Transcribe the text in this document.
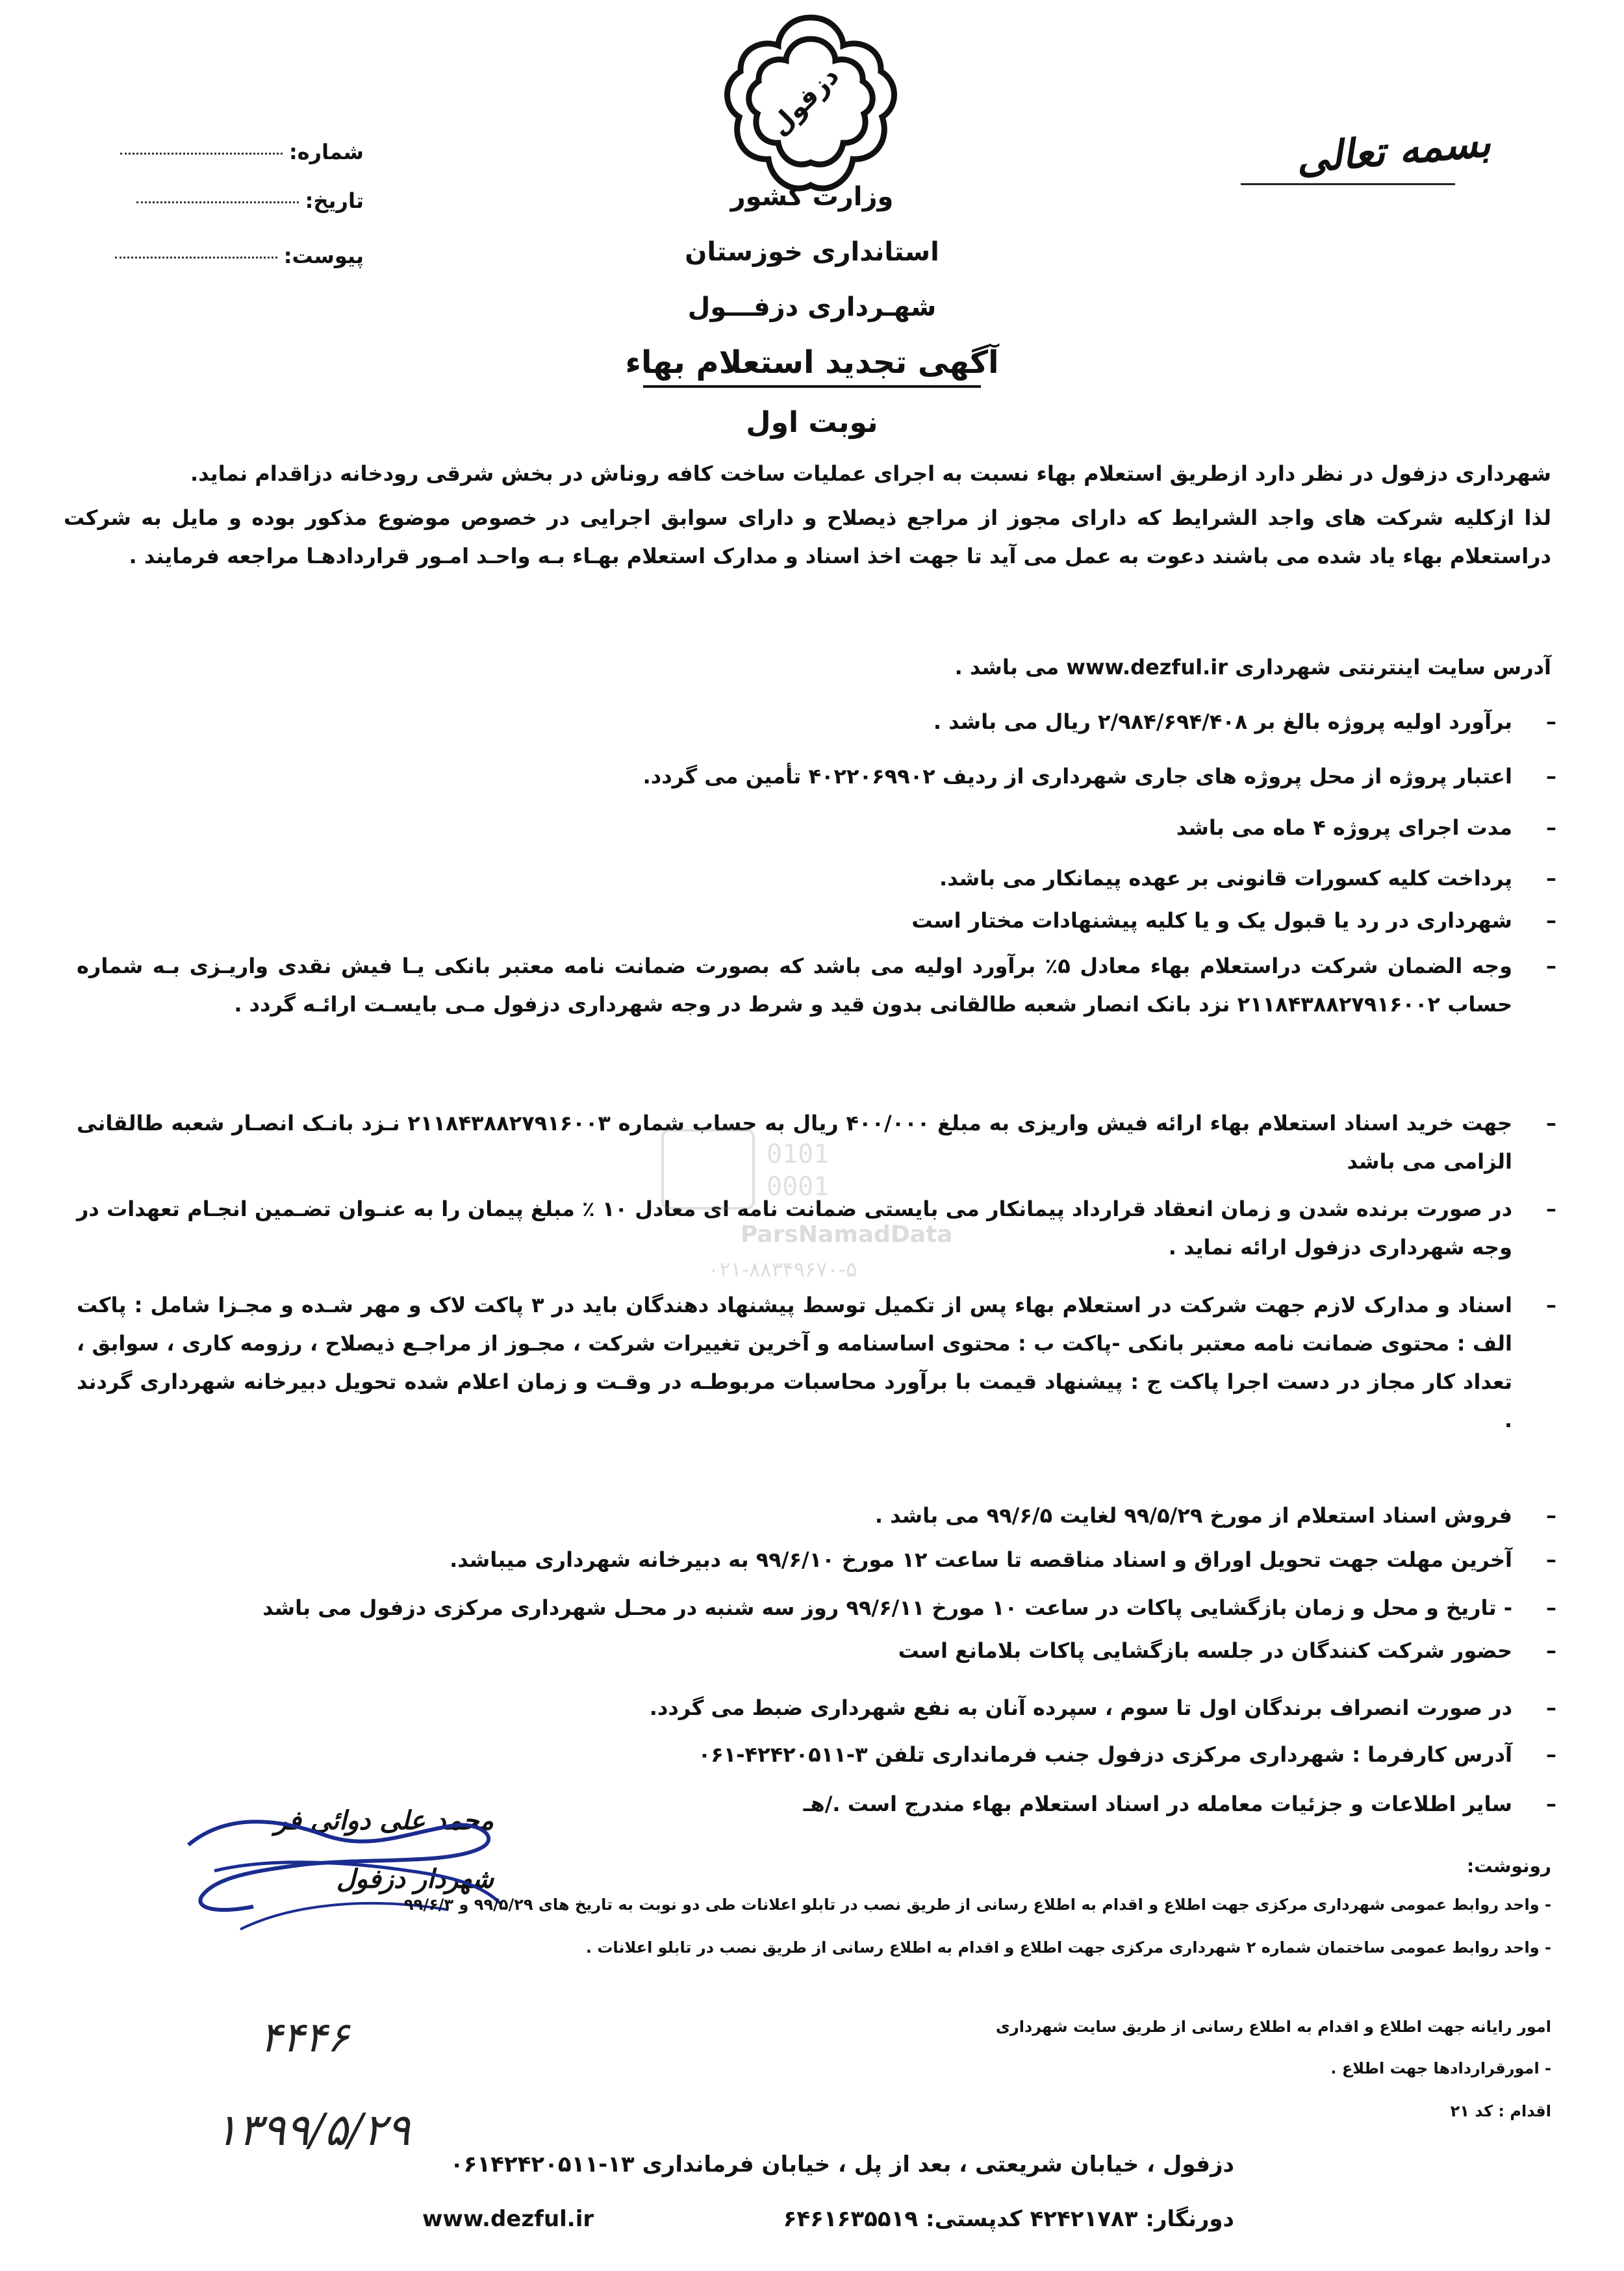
دزفول
بسمه تعالی
شماره:
تاریخ:
پیوست:
وزارت کشور
استانداری خوزستان
شهـرداری دزفـــول
آگهی تجدید استعلام بهاء
نوبت اول
شهرداری دزفول در نظر دارد ازطریق استعلام بهاء نسبت به اجرای عملیات ساخت کافه روناش در بخش شرقی رودخانه دزاقدام نماید.
لذا ازکلیه شرکت های واجد الشرایط که دارای مجوز از مراجع ذیصلاح و دارای سوابق اجرایی در خصوص موضوع مذکور بوده و مایل به شرکت دراستعلام بهاء یاد شده می باشند دعوت به عمل می آید تا جهت اخذ اسناد و مدارک استعلام بهـاء بـه واحـد امـور قراردادهـا مراجعه فرمایند .
آدرس سایت اینترنتی شهرداری www.dezful.ir می باشد .
–
برآورد اولیه پروژه بالغ بر ۲/۹۸۴/۶۹۴/۴۰۸ ریال می باشد .
–
اعتبار پروژه از محل پروژه های جاری شهرداری از ردیف ۴۰۲۲۰۶۹۹۰۲ تأمین می گردد.
–
مدت اجرای پروژه ۴ ماه می باشد
–
پرداخت کلیه کسورات قانونی بر عهده پیمانکار می باشد.
–
شهرداری در رد یا قبول یک و یا کلیه پیشنهادات مختار است
–
وجه الضمان شرکت دراستعلام بهاء معادل ۵٪ برآورد اولیه می باشد که بصورت ضمانت نامه معتبر بانکی یـا فیش نقدی واریـزی بـه شماره حساب ۲۱۱۸۴۳۸۸۲۷۹۱۶۰۰۲ نزد بانک انصار شعبه طالقانی بدون قید و شرط در وجه شهرداری دزفول مـی بایسـت ارائـه گردد .
–
جهت خرید اسناد استعلام بهاء ارائه فیش واریزی به مبلغ ۴۰۰/۰۰۰ ریال به حساب شماره ۲۱۱۸۴۳۸۸۲۷۹۱۶۰۰۳ نـزد بانـک انصـار شعبه طالقانی الزامی می باشد
–
در صورت برنده شدن و زمان انعقاد قرارداد پیمانکار می بایستی ضمانت نامه ای معادل ۱۰ ٪ مبلغ پیمان را به عنـوان تضـمین انجـام تعهدات در وجه شهرداری دزفول ارائه نماید .
–
اسناد و مدارک لازم جهت شرکت در استعلام بهاء پس از تکمیل توسط پیشنهاد دهندگان باید در ۳ پاکت لاک و مهر شـده و مجـزا شامل : پاکت الف : محتوی ضمانت نامه معتبر بانکی -پاکت ب : محتوی اساسنامه و آخرین تغییرات شرکت ، مجـوز از مراجـع ذیصلاح ، رزومه کاری ، سوابق ، تعداد کار مجاز در دست اجرا پاکت ج : پیشنهاد قیمت با برآورد محاسبات مربوطـه در وقـت و زمان اعلام شده تحویل دبیرخانه شهرداری گردند .
–
فروش اسناد استعلام از مورخ ۹۹/۵/۲۹ لغایت ۹۹/۶/۵ می باشد .
–
آخرین مهلت جهت تحویل اوراق و اسناد مناقصه تا ساعت ۱۲ مورخ ۹۹/۶/۱۰ به دبیرخانه شهرداری میباشد.
–
- تاریخ و محل و زمان بازگشایی پاکات در ساعت ۱۰ مورخ ۹۹/۶/۱۱ روز سه شنبه در محـل شهرداری مرکزی دزفول می باشد
–
حضور شرکت کنندگان در جلسه بازگشایی پاکات بلامانع است
–
در صورت انصراف برندگان اول تا سوم ، سپرده آنان به نفع شهرداری ضبط می گردد.
–
آدرس کارفرما : شهرداری مرکزی دزفول جنب فرمانداری تلفن ۳-۴۲۴۲۰۵۱۱-۰۶۱
–
سایر اطلاعات و جزئیات معامله در اسناد استعلام بهاء مندرج است ./هـ
محمد علی دوائی فر
شهردار دزفول
۴۴۴۶
۱۳۹۹/۵/۲۹
رونوشت:
- واحد روابط عمومی شهرداری مرکزی جهت اطلاع و اقدام به اطلاع رسانی از طریق نصب در تابلو اعلانات طی دو نوبت به تاریخ های ۹۹/۵/۲۹ و ۹۹/۶/۳
- واحد روابط عمومی ساختمان شماره ۲ شهرداری مرکزی جهت اطلاع و اقدام به اطلاع رسانی از طریق نصب در تابلو اعلانات .
امور رایانه جهت اطلاع و اقدام به اطلاع رسانی از طریق سایت شهرداری
- امورقراردادها جهت اطلاع .
اقدام : کد ۲۱
دزفول ، خیابان شریعتی ، بعد از پل ، خیابان فرمانداری ۱۳-۰۶۱۴۲۴۲۰۵۱۱
دورنگار: ۴۲۴۲۱۷۸۳ کدپستی: ۶۴۶۱۶۳۵۵۱۹
www.dezful.ir
0101
0001
ParsNamadData
۰۲۱-۸۸۳۴۹۶۷۰-۵
